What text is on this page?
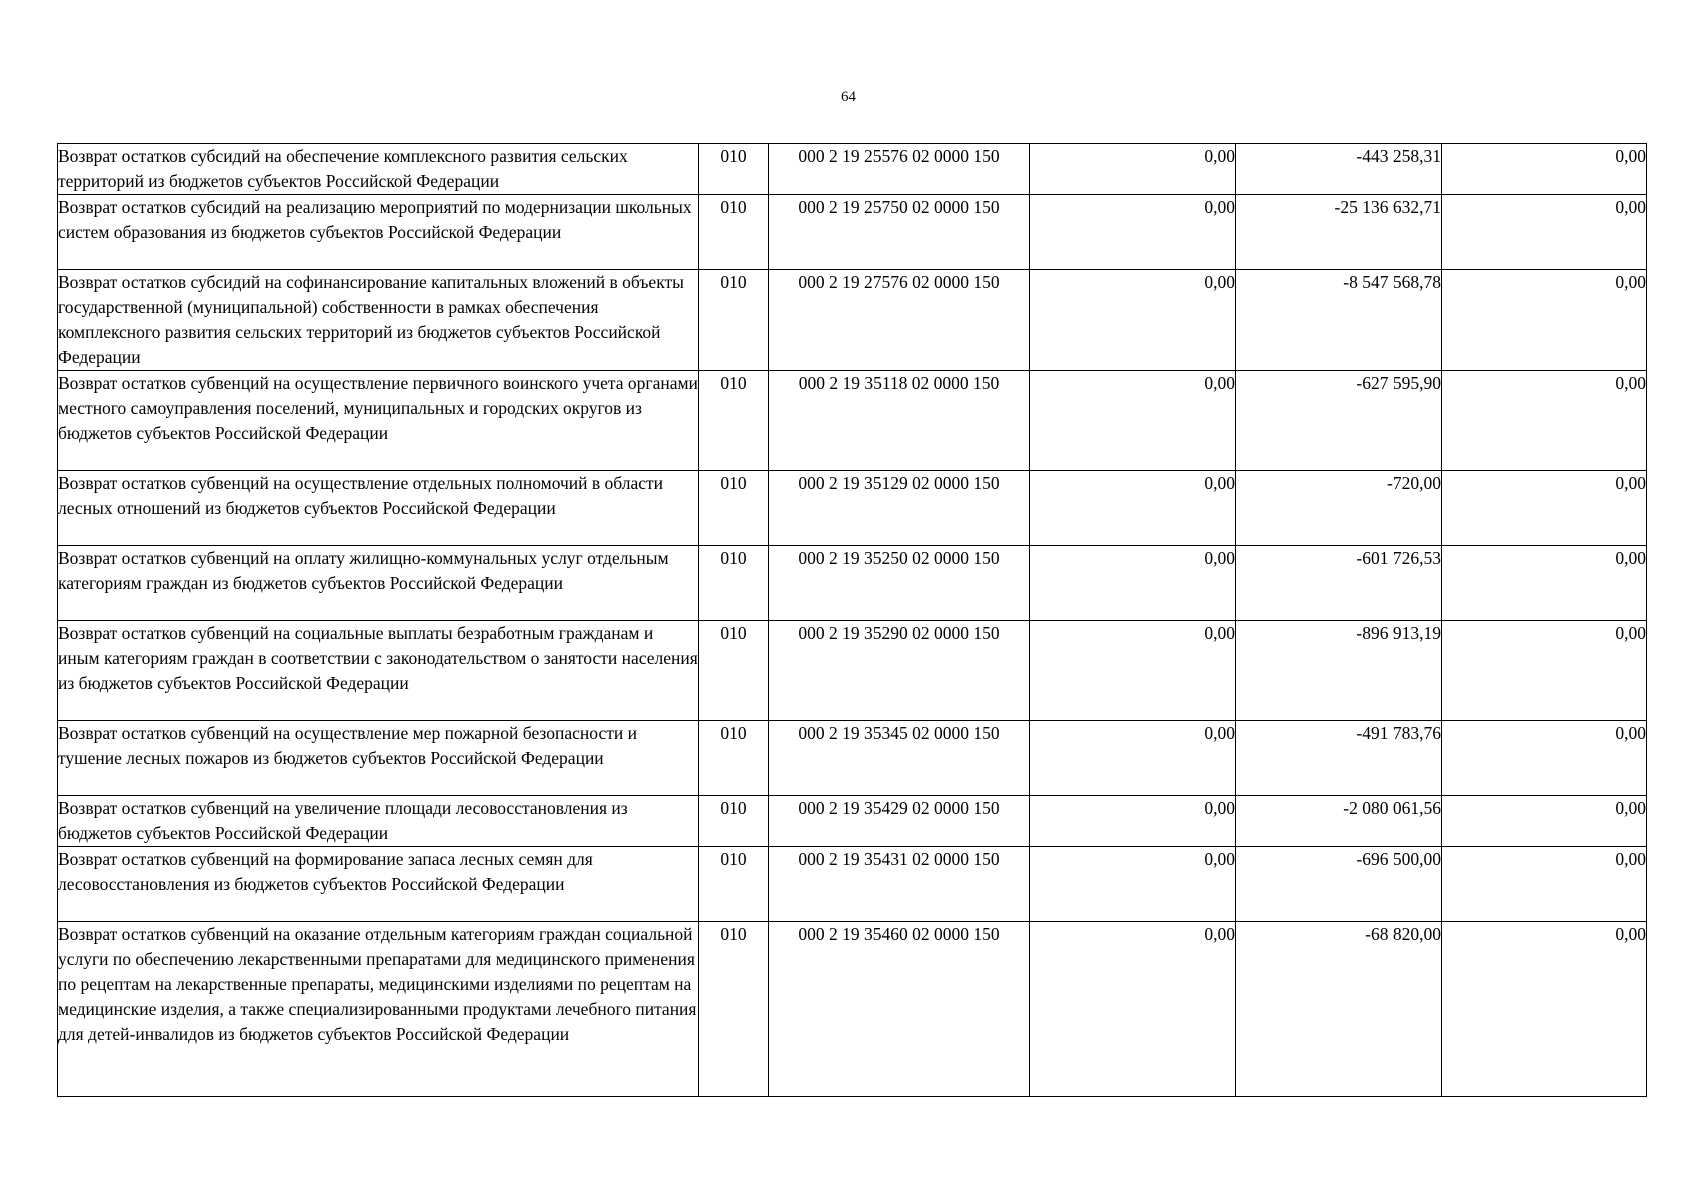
64
Возврат остатков субсидий на обеспечение комплексного развития сельских территорий из бюджетов субъектов Российской Федерации	010	000 2 19 25576 02 0000 150	0,00	-443 258,31	0,00
Возврат остатков субсидий на реализацию мероприятий по модернизации школьных систем образования из бюджетов субъектов Российской Федерации	010	000 2 19 25750 02 0000 150	0,00	-25 136 632,71	0,00
Возврат остатков субсидий на софинансирование капитальных вложений в объекты государственной (муниципальной) собственности в рамках обеспечения комплексного развития сельских территорий из бюджетов субъектов Российской Федерации	010	000 2 19 27576 02 0000 150	0,00	-8 547 568,78	0,00
Возврат остатков субвенций на осуществление первичного воинского учета органами местного самоуправления поселений, муниципальных и городских округов из бюджетов субъектов Российской Федерации	010	000 2 19 35118 02 0000 150	0,00	-627 595,90	0,00
Возврат остатков субвенций на осуществление отдельных полномочий в области лесных отношений из бюджетов субъектов Российской Федерации	010	000 2 19 35129 02 0000 150	0,00	-720,00	0,00
Возврат остатков субвенций на оплату жилищно-коммунальных услуг отдельным категориям граждан из бюджетов субъектов Российской Федерации	010	000 2 19 35250 02 0000 150	0,00	-601 726,53	0,00
Возврат остатков субвенций на социальные выплаты безработным гражданам и иным категориям граждан в соответствии с законодательством о занятости населения из бюджетов субъектов Российской Федерации	010	000 2 19 35290 02 0000 150	0,00	-896 913,19	0,00
Возврат остатков субвенций на осуществление мер пожарной безопасности и тушение лесных пожаров из бюджетов субъектов Российской Федерации	010	000 2 19 35345 02 0000 150	0,00	-491 783,76	0,00
Возврат остатков субвенций на увеличение площади лесовосстановления из бюджетов субъектов Российской Федерации	010	000 2 19 35429 02 0000 150	0,00	-2 080 061,56	0,00
Возврат остатков субвенций на формирование запаса лесных семян для лесовосстановления из бюджетов субъектов Российской Федерации	010	000 2 19 35431 02 0000 150	0,00	-696 500,00	0,00
Возврат остатков субвенций на оказание отдельным категориям граждан социальной услуги по обеспечению лекарственными препаратами для медицинского применения по рецептам на лекарственные препараты, медицинскими изделиями по рецептам на медицинские изделия, а также специализированными продуктами лечебного питания для детей-инвалидов из бюджетов субъектов Российской Федерации	010	000 2 19 35460 02 0000 150	0,00	-68 820,00	0,00
